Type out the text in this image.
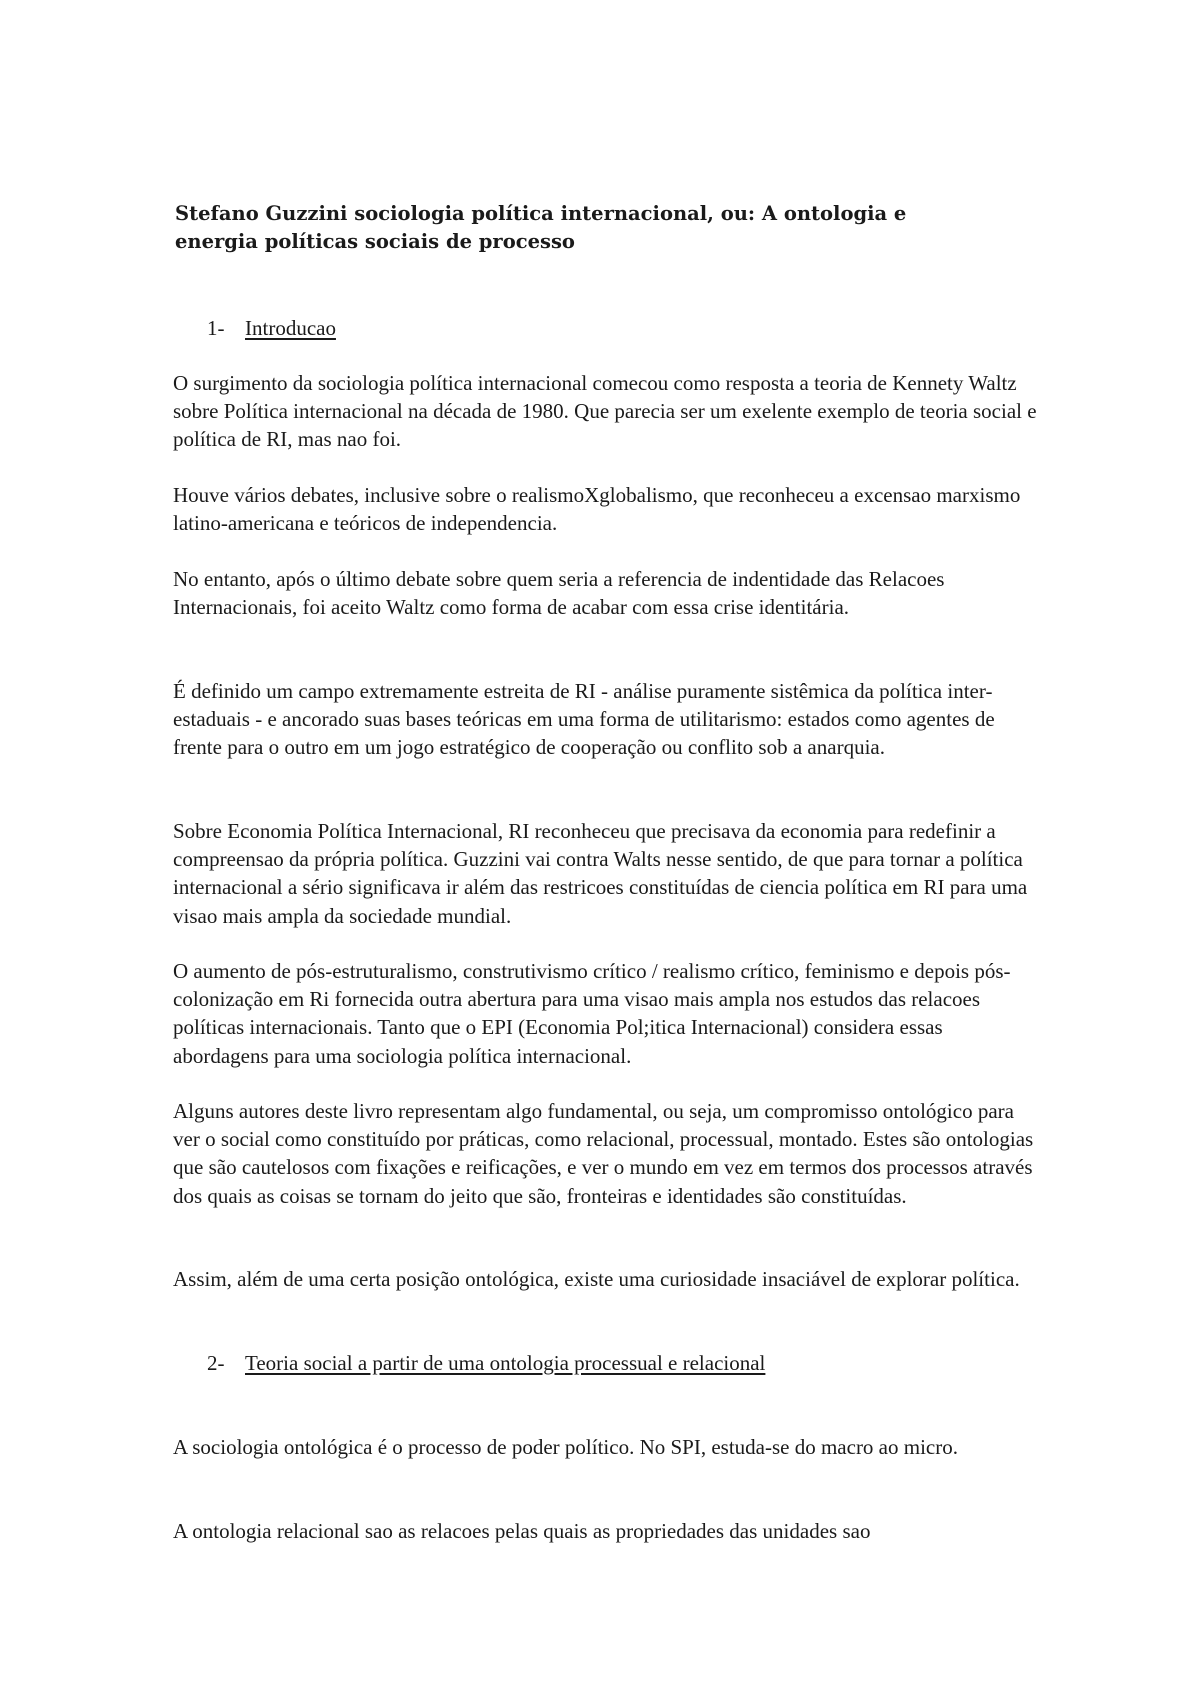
Stefano Guzzini sociologia política internacional, ou: A ontologia e energia políticas sociais de processo

1- Introducao

O surgimento da sociologia política internacional comecou como resposta a teoria de Kennety Waltz sobre Política internacional na década de 1980. Que parecia ser um exelente exemplo de teoria social e política de RI, mas nao foi.

Houve vários debates, inclusive sobre o realismoXglobalismo, que reconheceu a excensao marxismo latino-americana e teóricos de independencia.

No entanto, após o último debate sobre quem seria a referencia de indentidade das Relacoes Internacionais, foi aceito Waltz como forma de acabar com essa crise identitária.

É definido um campo extremamente estreita de RI - análise puramente sistêmica da política inter-estaduais - e ancorado suas bases teóricas em uma forma de utilitarismo: estados como agentes de frente para o outro em um jogo estratégico de cooperação ou conflito sob a anarquia.

Sobre Economia Política Internacional, RI reconheceu que precisava da economia para redefinir a compreensao da própria política. Guzzini vai contra Walts nesse sentido, de que para tornar a política internacional a sério significava ir além das restricoes constituídas de ciencia política em RI para uma visao mais ampla da sociedade mundial.

O aumento de pós-estruturalismo, construtivismo crítico / realismo crítico, feminismo e depois pós-colonização em Ri fornecida outra abertura para uma visao mais ampla nos estudos das relacoes políticas internacionais. Tanto que o EPI (Economia Pol;itica Internacional) considera essas abordagens para uma sociologia política internacional.

Alguns autores deste livro representam algo fundamental, ou seja, um compromisso ontológico para ver o social como constituído por práticas, como relacional, processual, montado. Estes são ontologias que são cautelosos com fixações e reificações, e ver o mundo em vez em termos dos processos através dos quais as coisas se tornam do jeito que são, fronteiras e identidades são constituídas.

Assim, além de uma certa posição ontológica, existe uma curiosidade insaciável de explorar política.

2- Teoria social a partir de uma ontologia processual e relacional

A sociologia ontológica é o processo de poder político. No SPI, estuda-se do macro ao micro.

A ontologia relacional sao as relacoes pelas quais as propriedades das unidades sao
